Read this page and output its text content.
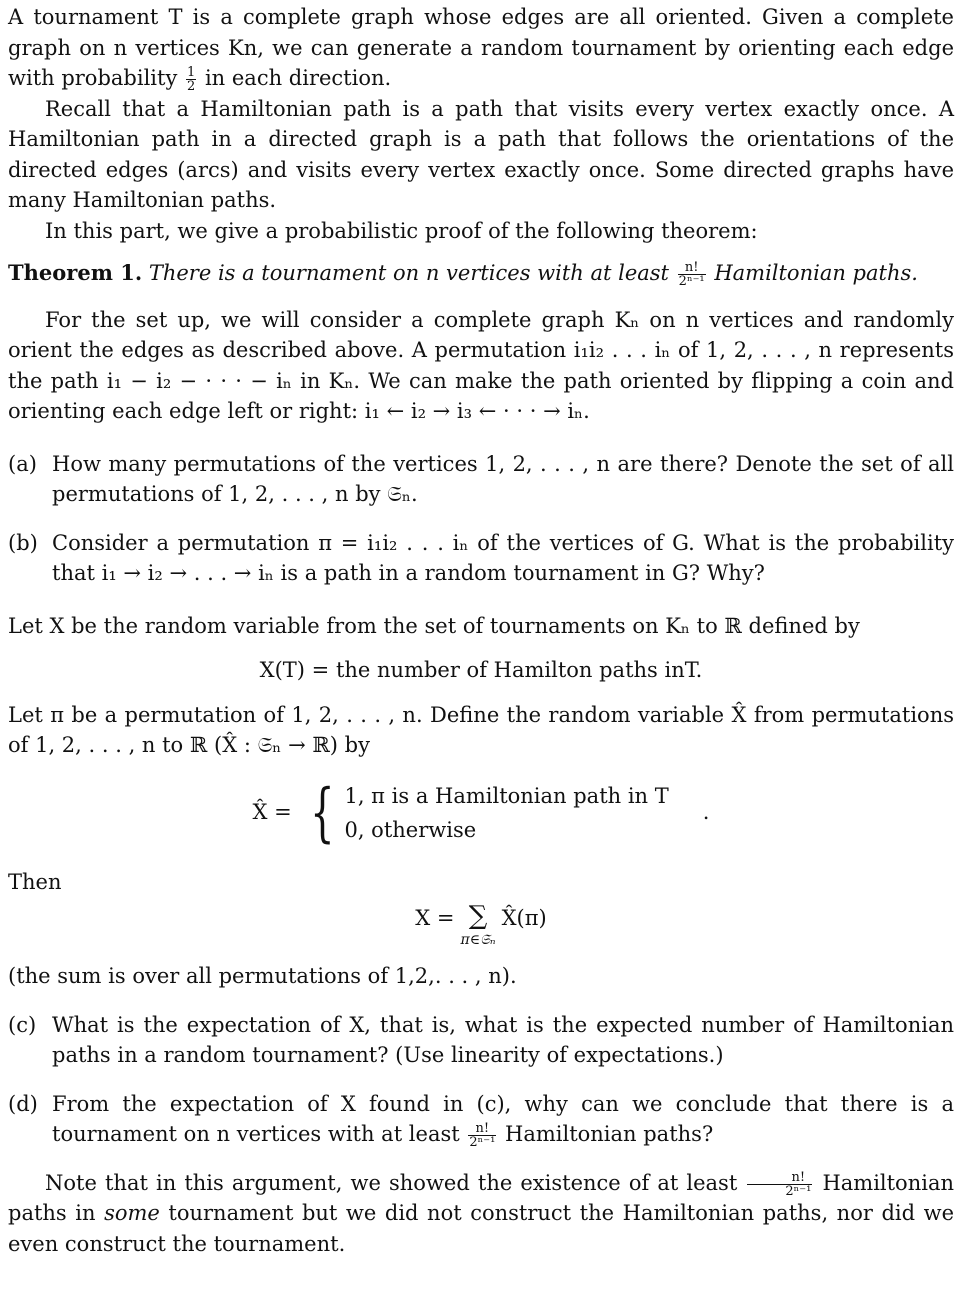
A tournament T is a complete graph whose edges are all oriented. Given a complete graph on n vertices Kn, we can generate a random tournament by orienting each edge with probability $\frac{1}{2}$ in each direction.

Recall that a Hamiltonian path is a path that visits every vertex exactly once. A Hamiltonian path in a directed graph is a path that follows the orientations of the directed edges (arcs) and visits every vertex exactly once. Some directed graphs have many Hamiltonian paths.

In this part, we give a probabilistic proof of the following theorem:

Theorem 1. There is a tournament on n vertices with at least $\frac{n!}{\text{2ⁿ⁻¹}}$ Hamiltonian paths.

For the set up, we will consider a complete graph Kₙ on n vertices and randomly orient the edges as described above. A permutation i₁i₂ . . . iₙ of 1, 2, . . . , n represents the path i₁ − i₂ − · · · − iₙ in Kₙ. We can make the path oriented by flipping a coin and orienting each edge left or right: i₁ ← i₂ → i₃ ← · · · → iₙ.

(a) How many permutations of the vertices 1, 2, . . . , n are there? Denote the set of all permutations of 1, 2, . . . , n by 𝔖ₙ.
(b) Consider a permutation π = i₁i₂ . . . iₙ of the vertices of G. What is the probability that i₁ → i₂ → . . . → iₙ is a path in a random tournament in G? Why?

Let X be the random variable from the set of tournaments on Kₙ to ℝ defined by

X(T) = the number of Hamilton paths inT.

Let π be a permutation of 1, 2, . . . , n. Define the random variable X̂ from permutations of 1, 2, . . . , n to ℝ (X̂ : 𝔖ₙ → ℝ) by

X̂ = { 1, π is a Hamiltonian path in T
0, otherwise
.

Then

X = ∑
π∈𝔖ₙ
X̂(π)

(the sum is over all permutations of 1,2,. . . , n).

(c) What is the expectation of X, that is, what is the expected number of Hamiltonian paths in a random tournament? (Use linearity of expectations.)
(d) From the expectation of X found in (c), why can we conclude that there is a tournament on n vertices with at least $\frac{n!}{\text{2ⁿ⁻¹}}$ Hamiltonian paths?

Note that in this argument, we showed the existence of at least $\frac{n!}{\text{2ⁿ⁻¹}}$ Hamiltonian paths in some tournament but we did not construct the Hamiltonian paths, nor did we even construct the tournament.
